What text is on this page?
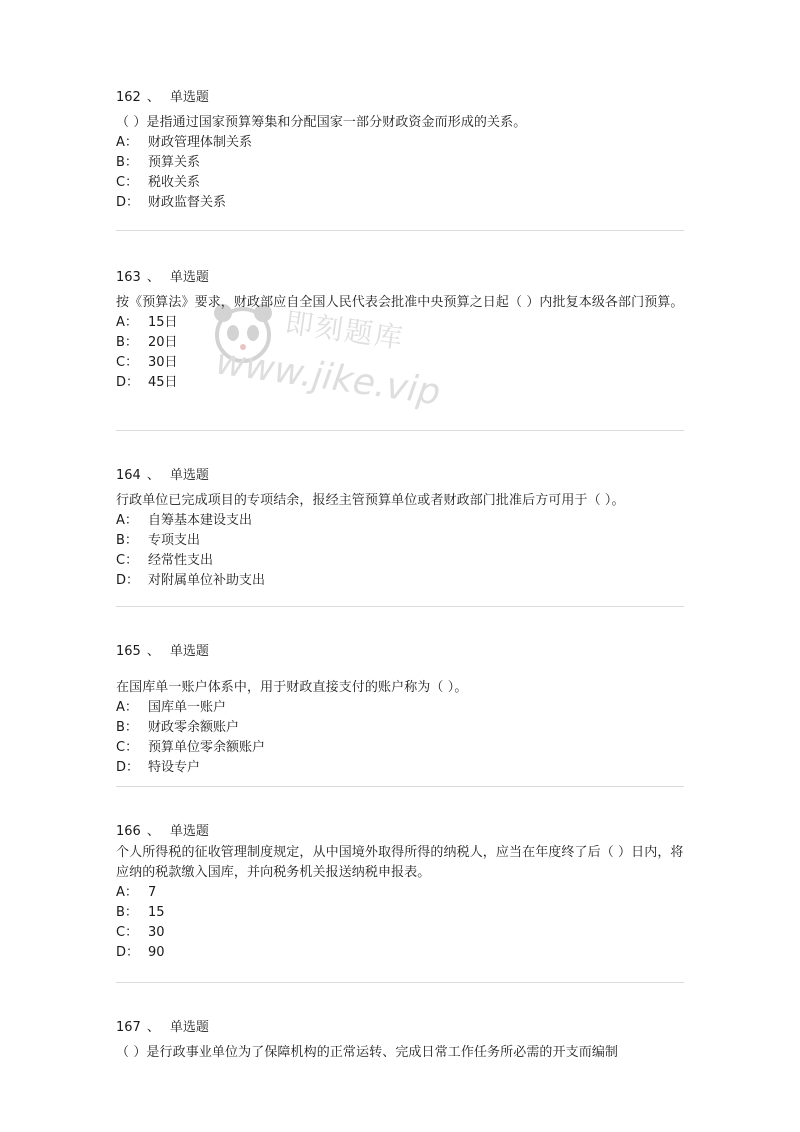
162 、 单选题
（ ）是指通过国家预算筹集和分配国家一部分财政资金而形成的关系。
A： 财政管理体制关系
B： 预算关系
C： 税收关系
D： 财政监督关系
163 、 单选题
按《预算法》要求，财政部应自全国人民代表会批准中央预算之日起（ ）内批复本级各部门预算。
A： 15日
B： 20日
C： 30日
D： 45日
164 、 单选题
行政单位已完成项目的专项结余，报经主管预算单位或者财政部门批准后方可用于（ ）。
A： 自筹基本建设支出
B： 专项支出
C： 经常性支出
D： 对附属单位补助支出
165 、 单选题
在国库单一账户体系中，用于财政直接支付的账户称为（ ）。
A： 国库单一账户
B： 财政零余额账户
C： 预算单位零余额账户
D： 特设专户
166 、 单选题
个人所得税的征收管理制度规定，从中国境外取得所得的纳税人，应当在年度终了后（ ）日内，将应纳的税款缴入国库，并向税务机关报送纳税申报表。
A： 7
B： 15
C： 30
D： 90
167 、 单选题
（ ）是行政事业单位为了保障机构的正常运转、完成日常工作任务所必需的开支而编制
即刻题库
www.jike.vip
